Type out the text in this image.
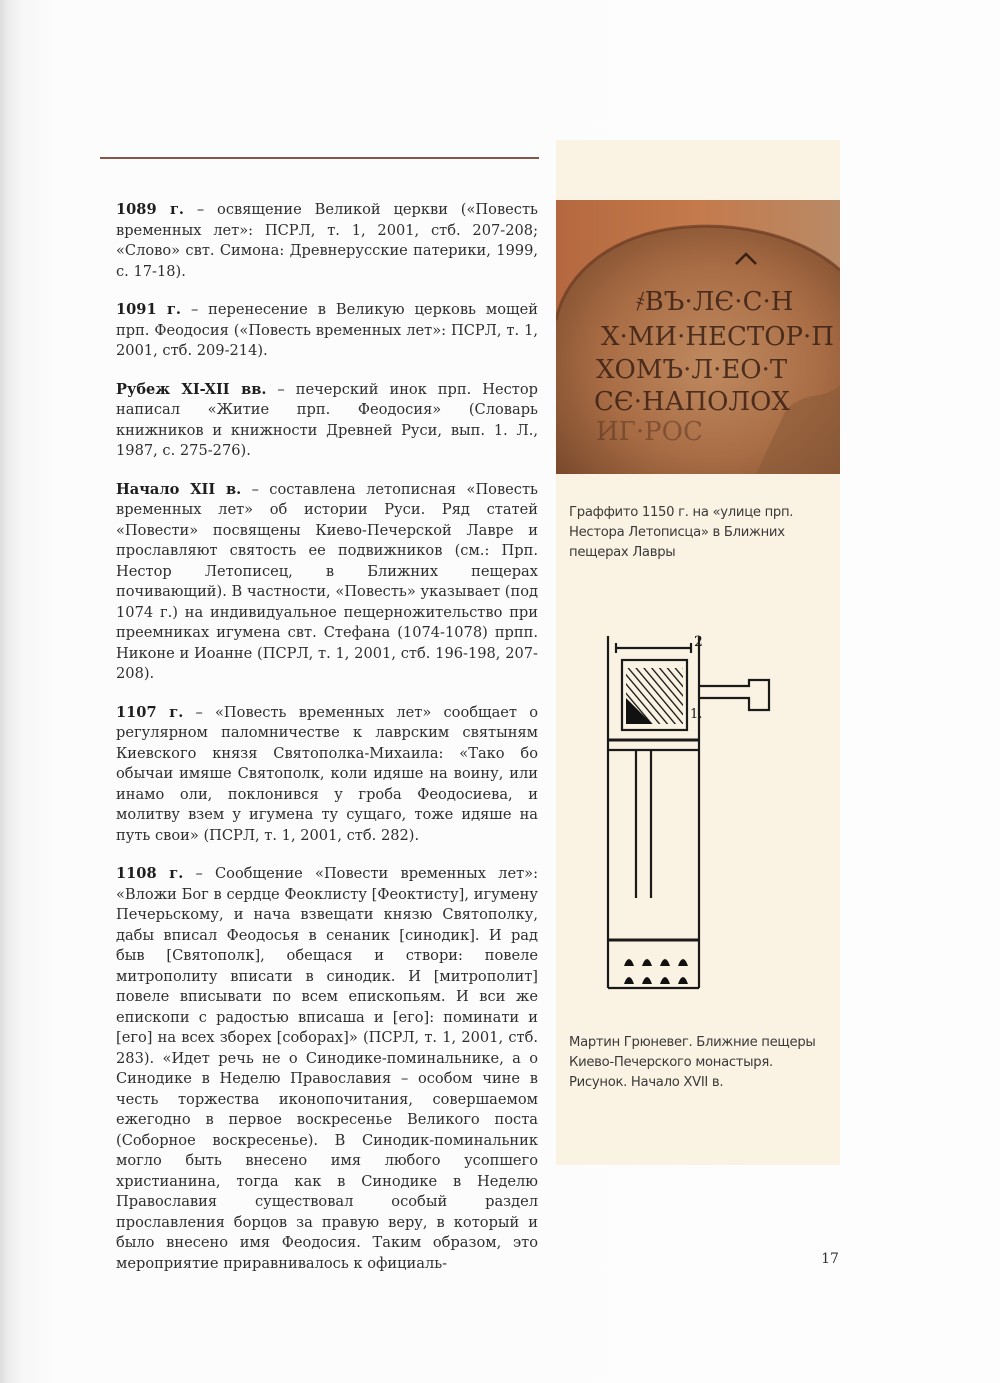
1089 г. – освящение Великой церкви («Повесть временных лет»: ПСРЛ, т. 1, 2001, стб. 207-208; «Слово» свт. Симона: Древнерусские патерики, 1999, с. 17-18).

1091 г. – перенесение в Великую церковь мощей прп. Феодосия («Повесть временных лет»: ПСРЛ, т. 1, 2001, стб. 209-214).

Рубеж XI-XII вв. – печерский инок прп. Нестор написал «Житие прп. Феодосия» (Словарь книжников и книжности Древней Руси, вып. 1. Л., 1987, с. 275-276).

Начало XII в. – составлена летописная «Повесть временных лет» об истории Руси. Ряд статей «Повести» посвящены Киево-Печерской Лавре и прославляют святость ее подвижников (см.: Прп. Нестор Летописец, в Ближних пещерах почивающий). В частности, «Повесть» указывает (под 1074 г.) на индивидуальное пещерножительство при преемниках игумена свт. Стефана (1074-1078) прпп. Никоне и Иоанне (ПСРЛ, т. 1, 2001, стб. 196-198, 207-208).

1107 г. – «Повесть временных лет» сообщает о регулярном паломничестве к лаврским святыням Киевского князя Святополка-Михаила: «Тако бо обычаи имяше Святополк, коли идяше на воину, или инамо оли, поклонився у гроба Феодосиева, и молитву взем у игумена ту сущаго, тоже идяше на путь свои» (ПСРЛ, т. 1, 2001, стб. 282).

1108 г. – Сообщение «Повести временных лет»: «Вложи Бог в сердце Феоклисту [Феоктисту], игумену Печерьскому, и нача взвещати князю Святополку, дабы вписал Феодосья в сенаник [синодик]. И рад быв [Святополк], обещася и створи: повеле митрополиту вписати в синодик. И [митрополит] повеле вписывати по всем епископьям. И вси же епископи с радостью вписаша и [его]: поминати и [его] на всех зборех [соборах]» (ПСРЛ, т. 1, 2001, стб. 283). «Идет речь не о Синодике-поминальнике, а о Синодике в Неделю Православия – особом чине в честь торжества иконопочитания, совершаемом ежегодно в первое воскресенье Великого поста (Соборное воскресенье). В Синодик-поминальник могло быть внесено имя любого усопшего христианина, тогда как в Синодике в Неделю Православия существовал особый раздел прославления борцов за правую веру, в который и было внесено имя Феодосия. Таким образом, это мероприятие приравнивалось к официаль-

҂ВЪ·ЛЄ·С·Н
Х·МИ·НЕСТОР·П
ХОМЪ·Л·ЕО·Т
СЄ·НАПОЛОХ
ИГ·РОС
Граффито 1150 г. на «улице прп. Нестора Летописца» в Ближних пещерах Лавры
2
1.
Мартин Грюневег. Ближние пещеры Киево-Печерского монастыря. Рисунок. Начало XVII в.
17
